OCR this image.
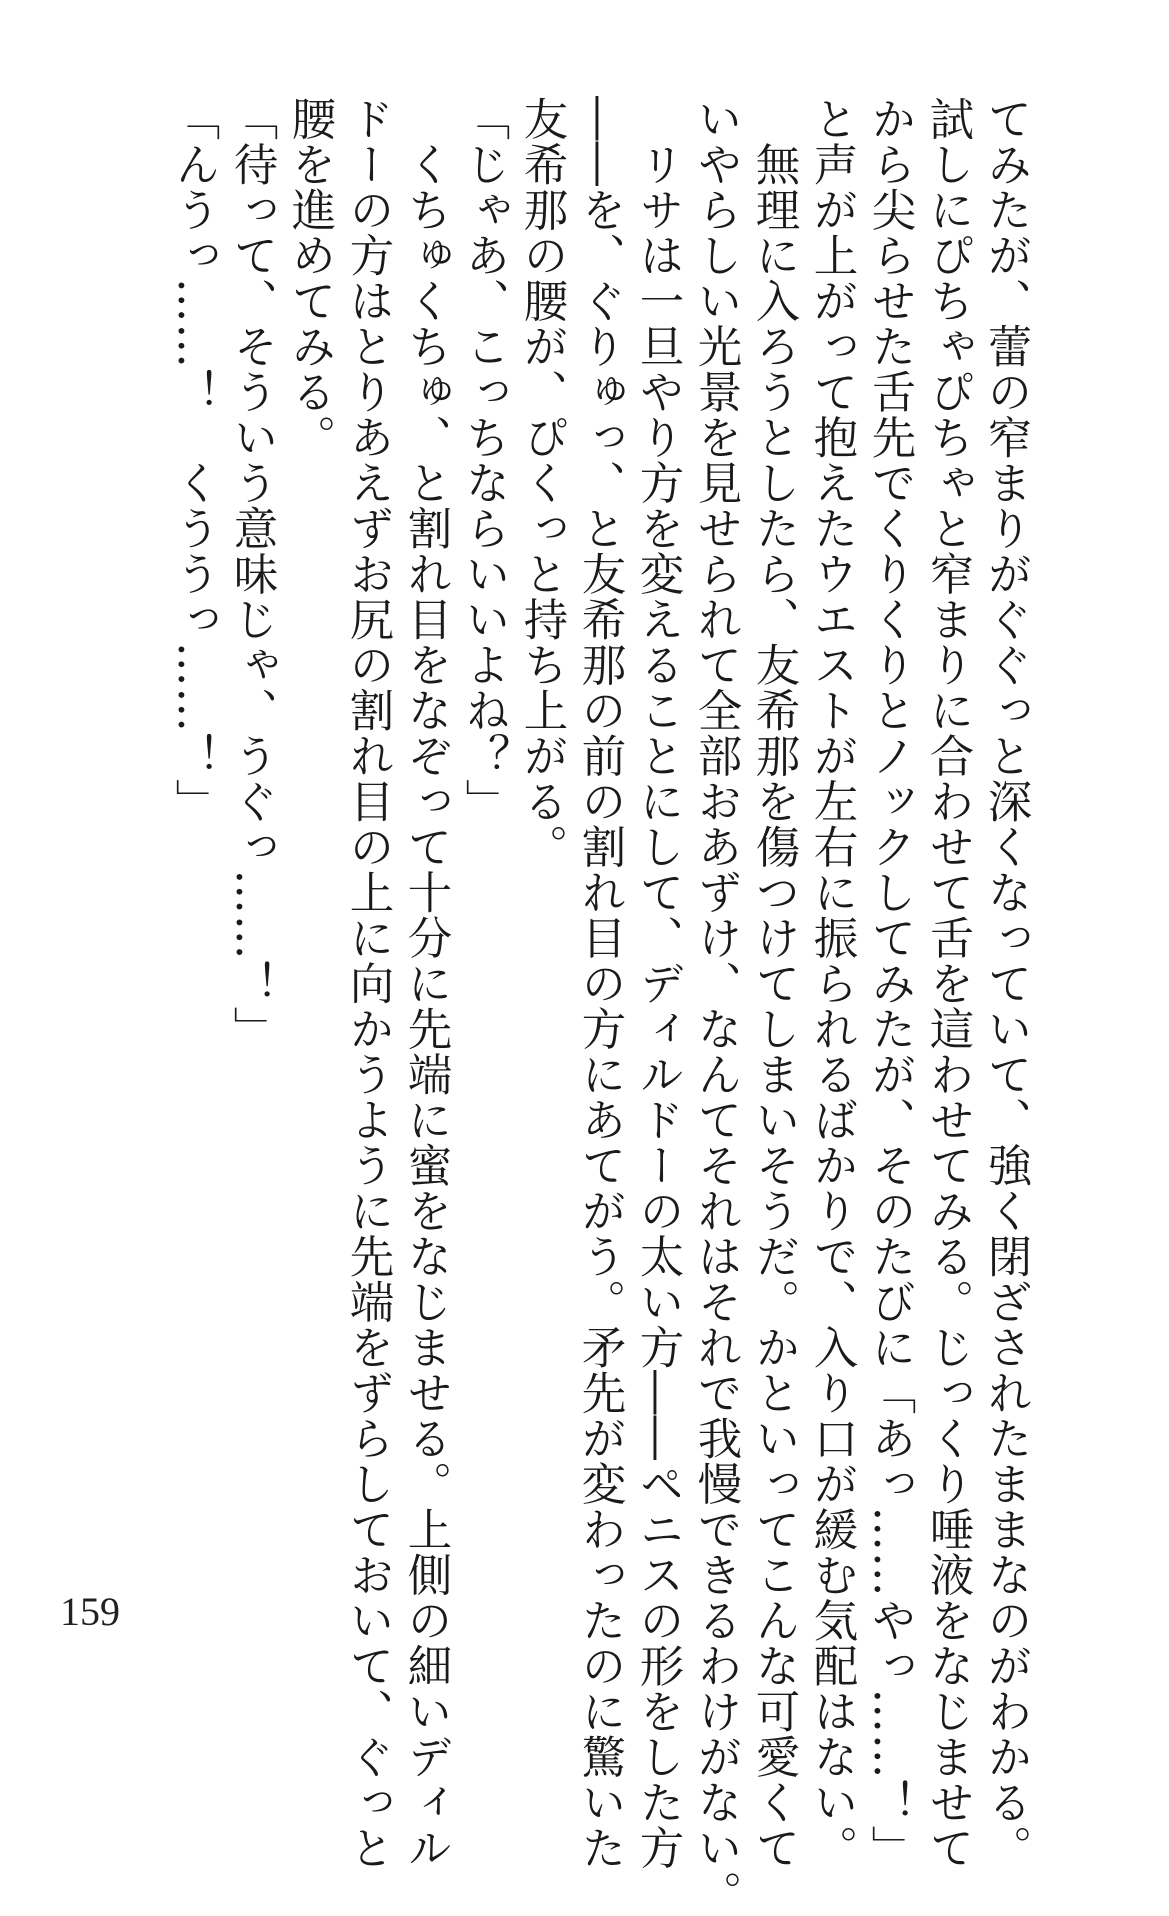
てみたが、蕾の窄まりがぐぐっと深くなっていて、強く閉ざされたままなのがわかる。
試しにぴちゃぴちゃと窄まりに合わせて舌を這わせてみる。じっくり唾液をなじませて
から尖らせた舌先でくりくりとノックしてみたが、そのたびに「あっ……やっ……！」
と声が上がって抱えたウエストが左右に振られるばかりで、入り口が緩む気配はない。
　無理に入ろうとしたら、友希那を傷つけてしまいそうだ。かといってこんな可愛くて
いやらしい光景を見せられて全部おあずけ、なんてそれはそれで我慢できるわけがない。
　リサは一旦やり方を変えることにして、ディルドーの太い方――ペニスの形をした方
――を、ぐりゅっ、と友希那の前の割れ目の方にあてがう。矛先が変わったのに驚いた
友希那の腰が、ぴくっと持ち上がる。
「じゃあ、こっちならいいよね？」
　くちゅくちゅ、と割れ目をなぞって十分に先端に蜜をなじませる。上側の細いディル
ドーの方はとりあえずお尻の割れ目の上に向かうように先端をずらしておいて、ぐっと
腰を進めてみる。
「待って、そういう意味じゃ、うぐっ……！」
「んうっ……！　くううっ……！」
159
